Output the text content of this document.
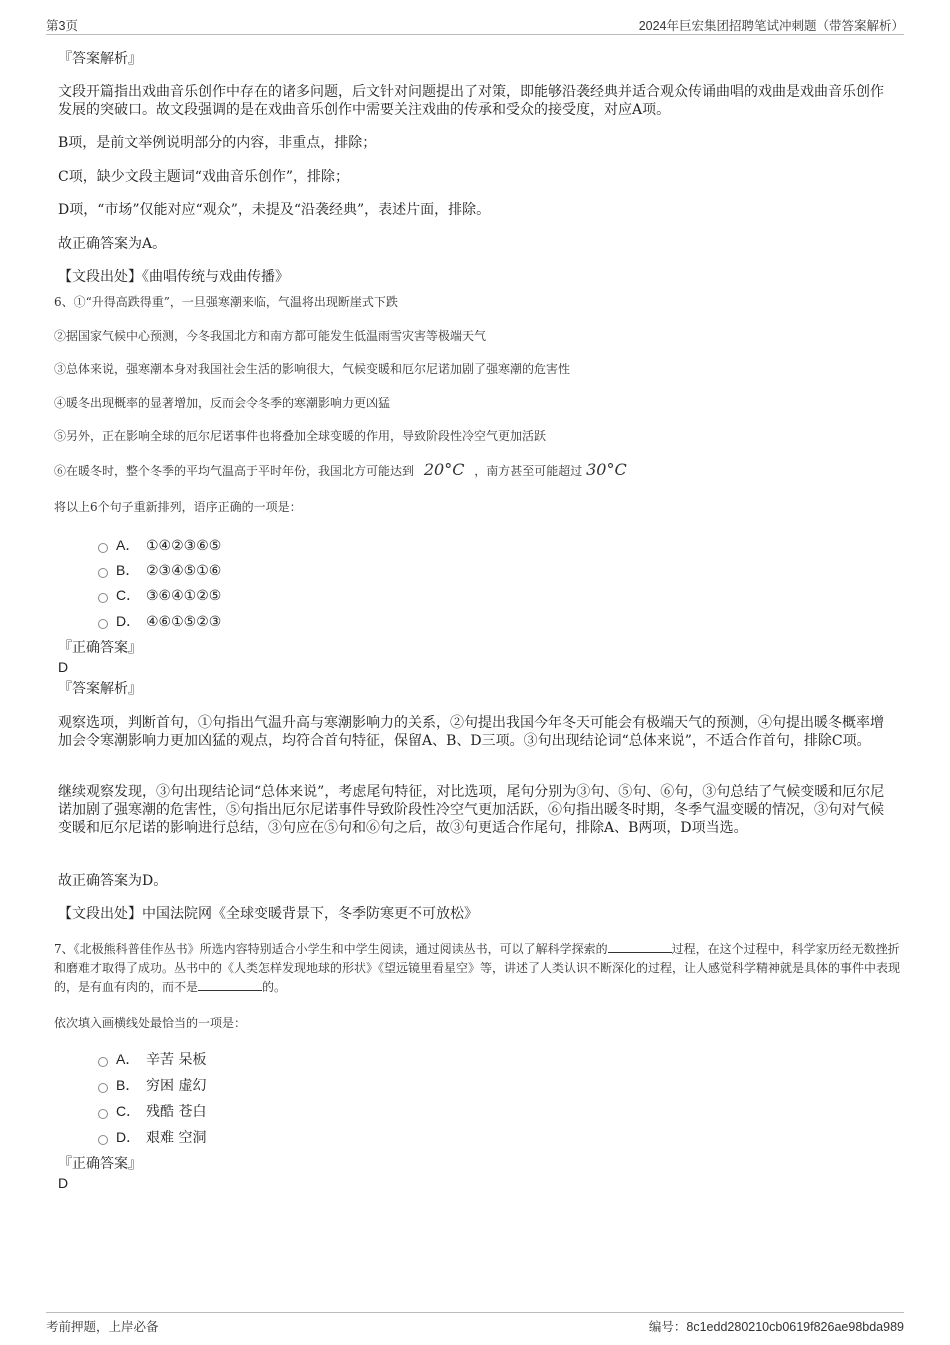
第3页	2024年巨宏集团招聘笔试冲刺题（带答案解析）
『答案解析』
文段开篇指出戏曲音乐创作中存在的诸多问题，后文针对问题提出了对策，即能够沿袭经典并适合观众传诵曲唱的戏曲是戏曲音乐创作发展的突破口。故文段强调的是在戏曲音乐创作中需要关注戏曲的传承和受众的接受度，对应A项。
B项，是前文举例说明部分的内容，非重点，排除；
C项，缺少文段主题词“戏曲音乐创作”，排除；
D项，“市场”仅能对应“观众”，未提及“沿袭经典”，表述片面，排除。
故正确答案为A。
【文段出处】《曲唱传统与戏曲传播》
6、①“升得高跌得重”，一旦强寒潮来临，气温将出现断崖式下跌
②据国家气候中心预测，今冬我国北方和南方都可能发生低温雨雪灾害等极端天气
③总体来说，强寒潮本身对我国社会生活的影响很大，气候变暖和厄尔尼诺加剧了强寒潮的危害性
④暖冬出现概率的显著增加，反而会令冬季的寒潮影响力更凶猛
⑤另外，正在影响全球的厄尔尼诺事件也将叠加全球变暖的作用，导致阶段性冷空气更加活跃
⑥在暖冬时，整个冬季的平均气温高于平时年份，我国北方可能达到 20°C ，南方甚至可能超过 30°C
将以上6个句子重新排列，语序正确的一项是：
A． ①④②③⑥⑤
B． ②③④⑤①⑥
C． ③⑥④①②⑤
D． ④⑥①⑤②③
『正确答案』
D
『答案解析』
观察选项，判断首句，①句指出气温升高与寒潮影响力的关系，②句提出我国今年冬天可能会有极端天气的预测，④句提出暖冬概率增加会令寒潮影响力更加凶猛的观点，均符合首句特征，保留A、B、D三项。③句出现结论词“总体来说”，不适合作首句，排除C项。
继续观察发现，③句出现结论词“总体来说”，考虑尾句特征，对比选项，尾句分别为③句、⑤句、⑥句，③句总结了气候变暖和厄尔尼诺加剧了强寒潮的危害性，⑤句指出厄尔尼诺事件导致阶段性冷空气更加活跃，⑥句指出暖冬时期，冬季气温变暖的情况，③句对气候变暖和厄尔尼诺的影响进行总结，③句应在⑤句和⑥句之后，故③句更适合作尾句，排除A、B两项，D项当选。
故正确答案为D。
【文段出处】中国法院网《全球变暖背景下，冬季防寒更不可放松》
7、《北极熊科普佳作丛书》所选内容特别适合小学生和中学生阅读，通过阅读丛书，可以了解科学探索的	过程，在这个过程中，科学家历经无数挫折和磨难才取得了成功。丛书中的《人类怎样发现地球的形状》《望远镜里看星空》等，讲述了人类认识不断深化的过程，让人感觉科学精神就是具体的事件中表现的，是有血有肉的，而不是	的。
依次填入画横线处最恰当的一项是：
A． 辛苦 呆板
B． 穷困 虚幻
C． 残酷 苍白
D． 艰难 空洞
『正确答案』
D
考前押题，上岸必备	编号：8c1edd280210cb0619f826ae98bda989
